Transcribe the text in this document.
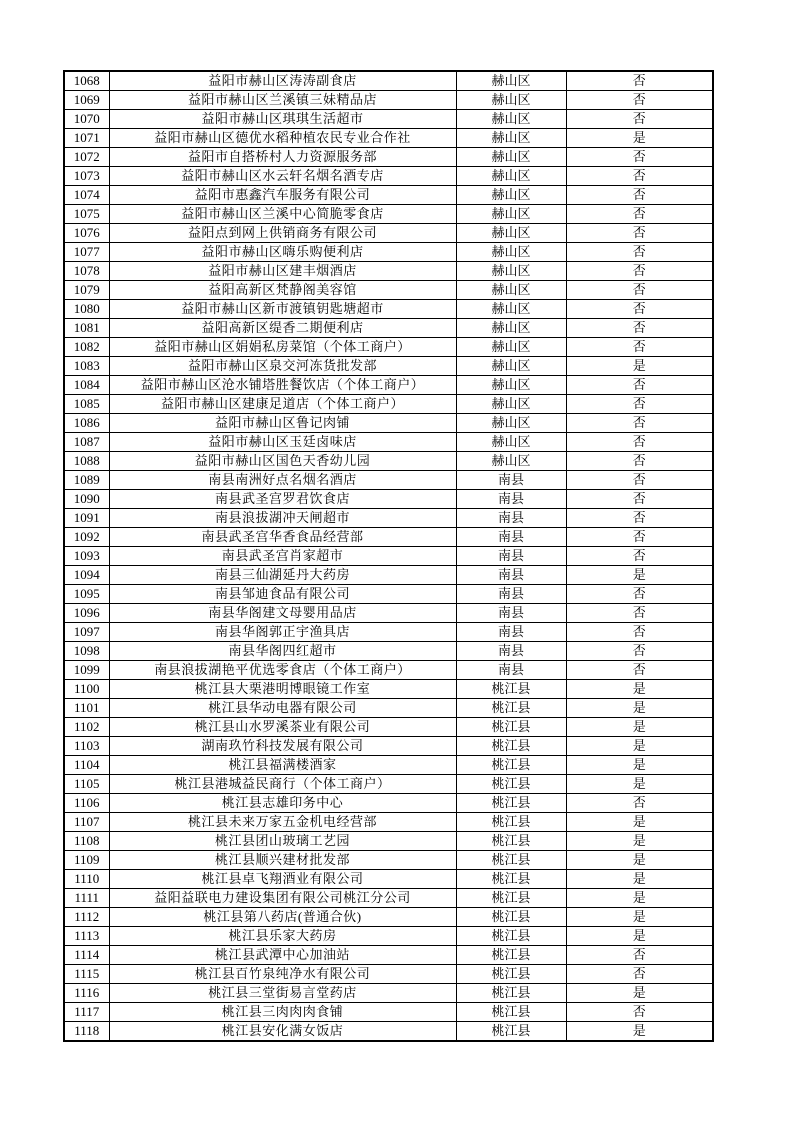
1068	益阳市赫山区涛涛副食店	赫山区	否
1069	益阳市赫山区兰溪镇三妹精品店	赫山区	否
1070	益阳市赫山区琪琪生活超市	赫山区	否
1071	益阳市赫山区德优水稻种植农民专业合作社	赫山区	是
1072	益阳市自搭桥村人力资源服务部	赫山区	否
1073	益阳市赫山区水云轩名烟名酒专店	赫山区	否
1074	益阳市惠鑫汽车服务有限公司	赫山区	否
1075	益阳市赫山区兰溪中心简脆零食店	赫山区	否
1076	益阳点到网上供销商务有限公司	赫山区	否
1077	益阳市赫山区嗨乐购便利店	赫山区	否
1078	益阳市赫山区建丰烟酒店	赫山区	否
1079	益阳高新区梵静阁美容馆	赫山区	否
1080	益阳市赫山区新市渡镇钥匙塘超市	赫山区	否
1081	益阳高新区缇香二期便利店	赫山区	否
1082	益阳市赫山区娟娟私房菜馆（个体工商户）	赫山区	否
1083	益阳市赫山区泉交河冻货批发部	赫山区	是
1084	益阳市赫山区沧水铺塔胜餐饮店（个体工商户）	赫山区	否
1085	益阳市赫山区建康足道店（个体工商户）	赫山区	否
1086	益阳市赫山区鲁记肉铺	赫山区	否
1087	益阳市赫山区玉廷卤味店	赫山区	否
1088	益阳市赫山区国色天香幼儿园	赫山区	否
1089	南县南洲好点名烟名酒店	南县	否
1090	南县武圣宫罗君饮食店	南县	否
1091	南县浪拔湖冲天闸超市	南县	否
1092	南县武圣宫华香食品经营部	南县	否
1093	南县武圣宫肖家超市	南县	否
1094	南县三仙湖延丹大药房	南县	是
1095	南县邹迪食品有限公司	南县	否
1096	南县华阁建文母婴用品店	南县	否
1097	南县华阁郭正宇渔具店	南县	否
1098	南县华阁四红超市	南县	否
1099	南县浪拔湖艳平优选零食店（个体工商户）	南县	否
1100	桃江县大栗港明博眼镜工作室	桃江县	是
1101	桃江县华动电器有限公司	桃江县	是
1102	桃江县山水罗溪茶业有限公司	桃江县	是
1103	湖南玖竹科技发展有限公司	桃江县	是
1104	桃江县福满楼酒家	桃江县	是
1105	桃江县港城益民商行（个体工商户）	桃江县	是
1106	桃江县志雄印务中心	桃江县	否
1107	桃江县未来万家五金机电经营部	桃江县	是
1108	桃江县团山玻璃工艺园	桃江县	是
1109	桃江县顺兴建材批发部	桃江县	是
1110	桃江县卓飞翔酒业有限公司	桃江县	是
1111	益阳益联电力建设集团有限公司桃江分公司	桃江县	是
1112	桃江县第八药店(普通合伙)	桃江县	是
1113	桃江县乐家大药房	桃江县	是
1114	桃江县武潭中心加油站	桃江县	否
1115	桃江县百竹泉纯净水有限公司	桃江县	否
1116	桃江县三堂街易言堂药店	桃江县	是
1117	桃江县三肉肉肉食铺	桃江县	否
1118	桃江县安化满女饭店	桃江县	是
